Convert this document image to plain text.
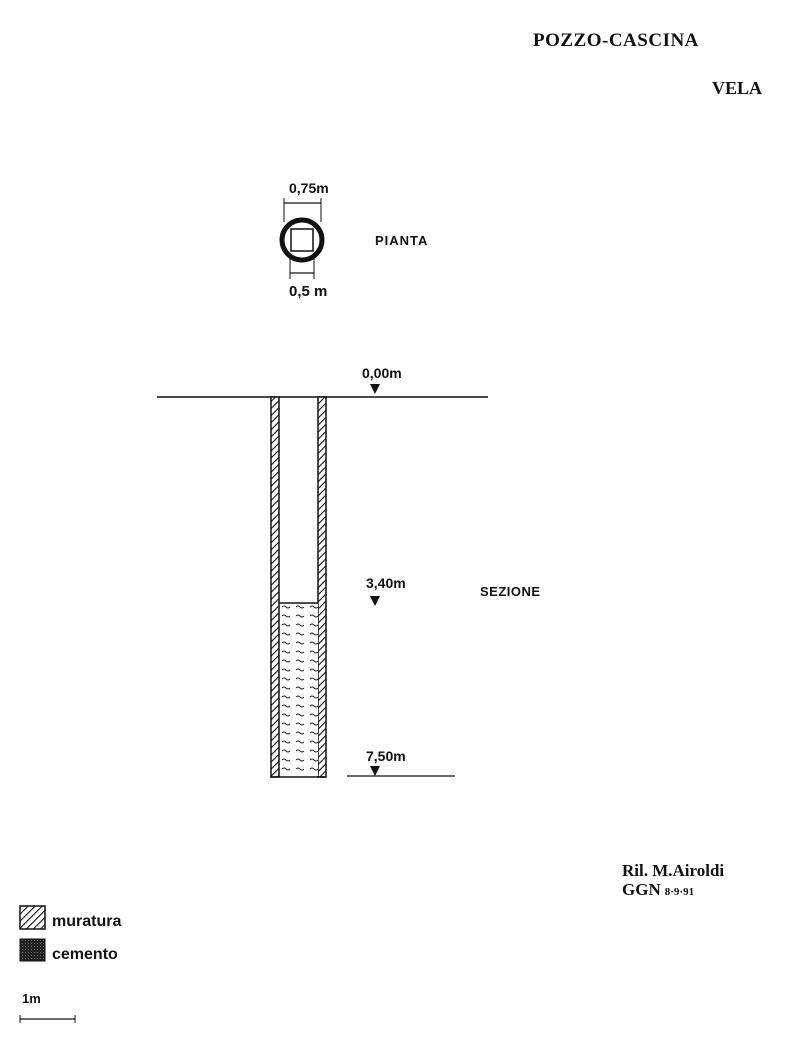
POZZO-CASCINA
VELA
0,75m
PIANTA
0,5 m
0,00m
3,40m
7,50m
SEZIONE
Ril. M.Airoldi
GGN 8·9·91
muratura
cemento
1m
